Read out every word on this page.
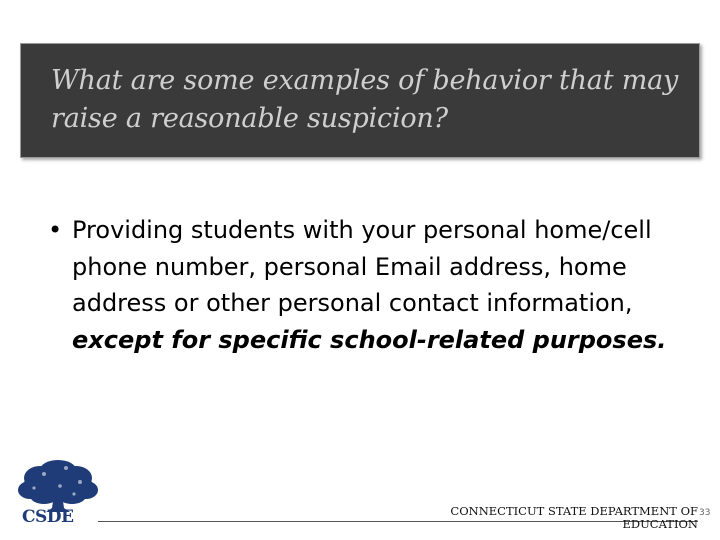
What are some examples of behavior that may raise a reasonable suspicion?
• Providing students with your personal home/cell phone number, personal Email address, home address or other personal contact information, except for specific school-related purposes.
CSDE	CONNECTICUT STATE DEPARTMENT OF EDUCATION
33
